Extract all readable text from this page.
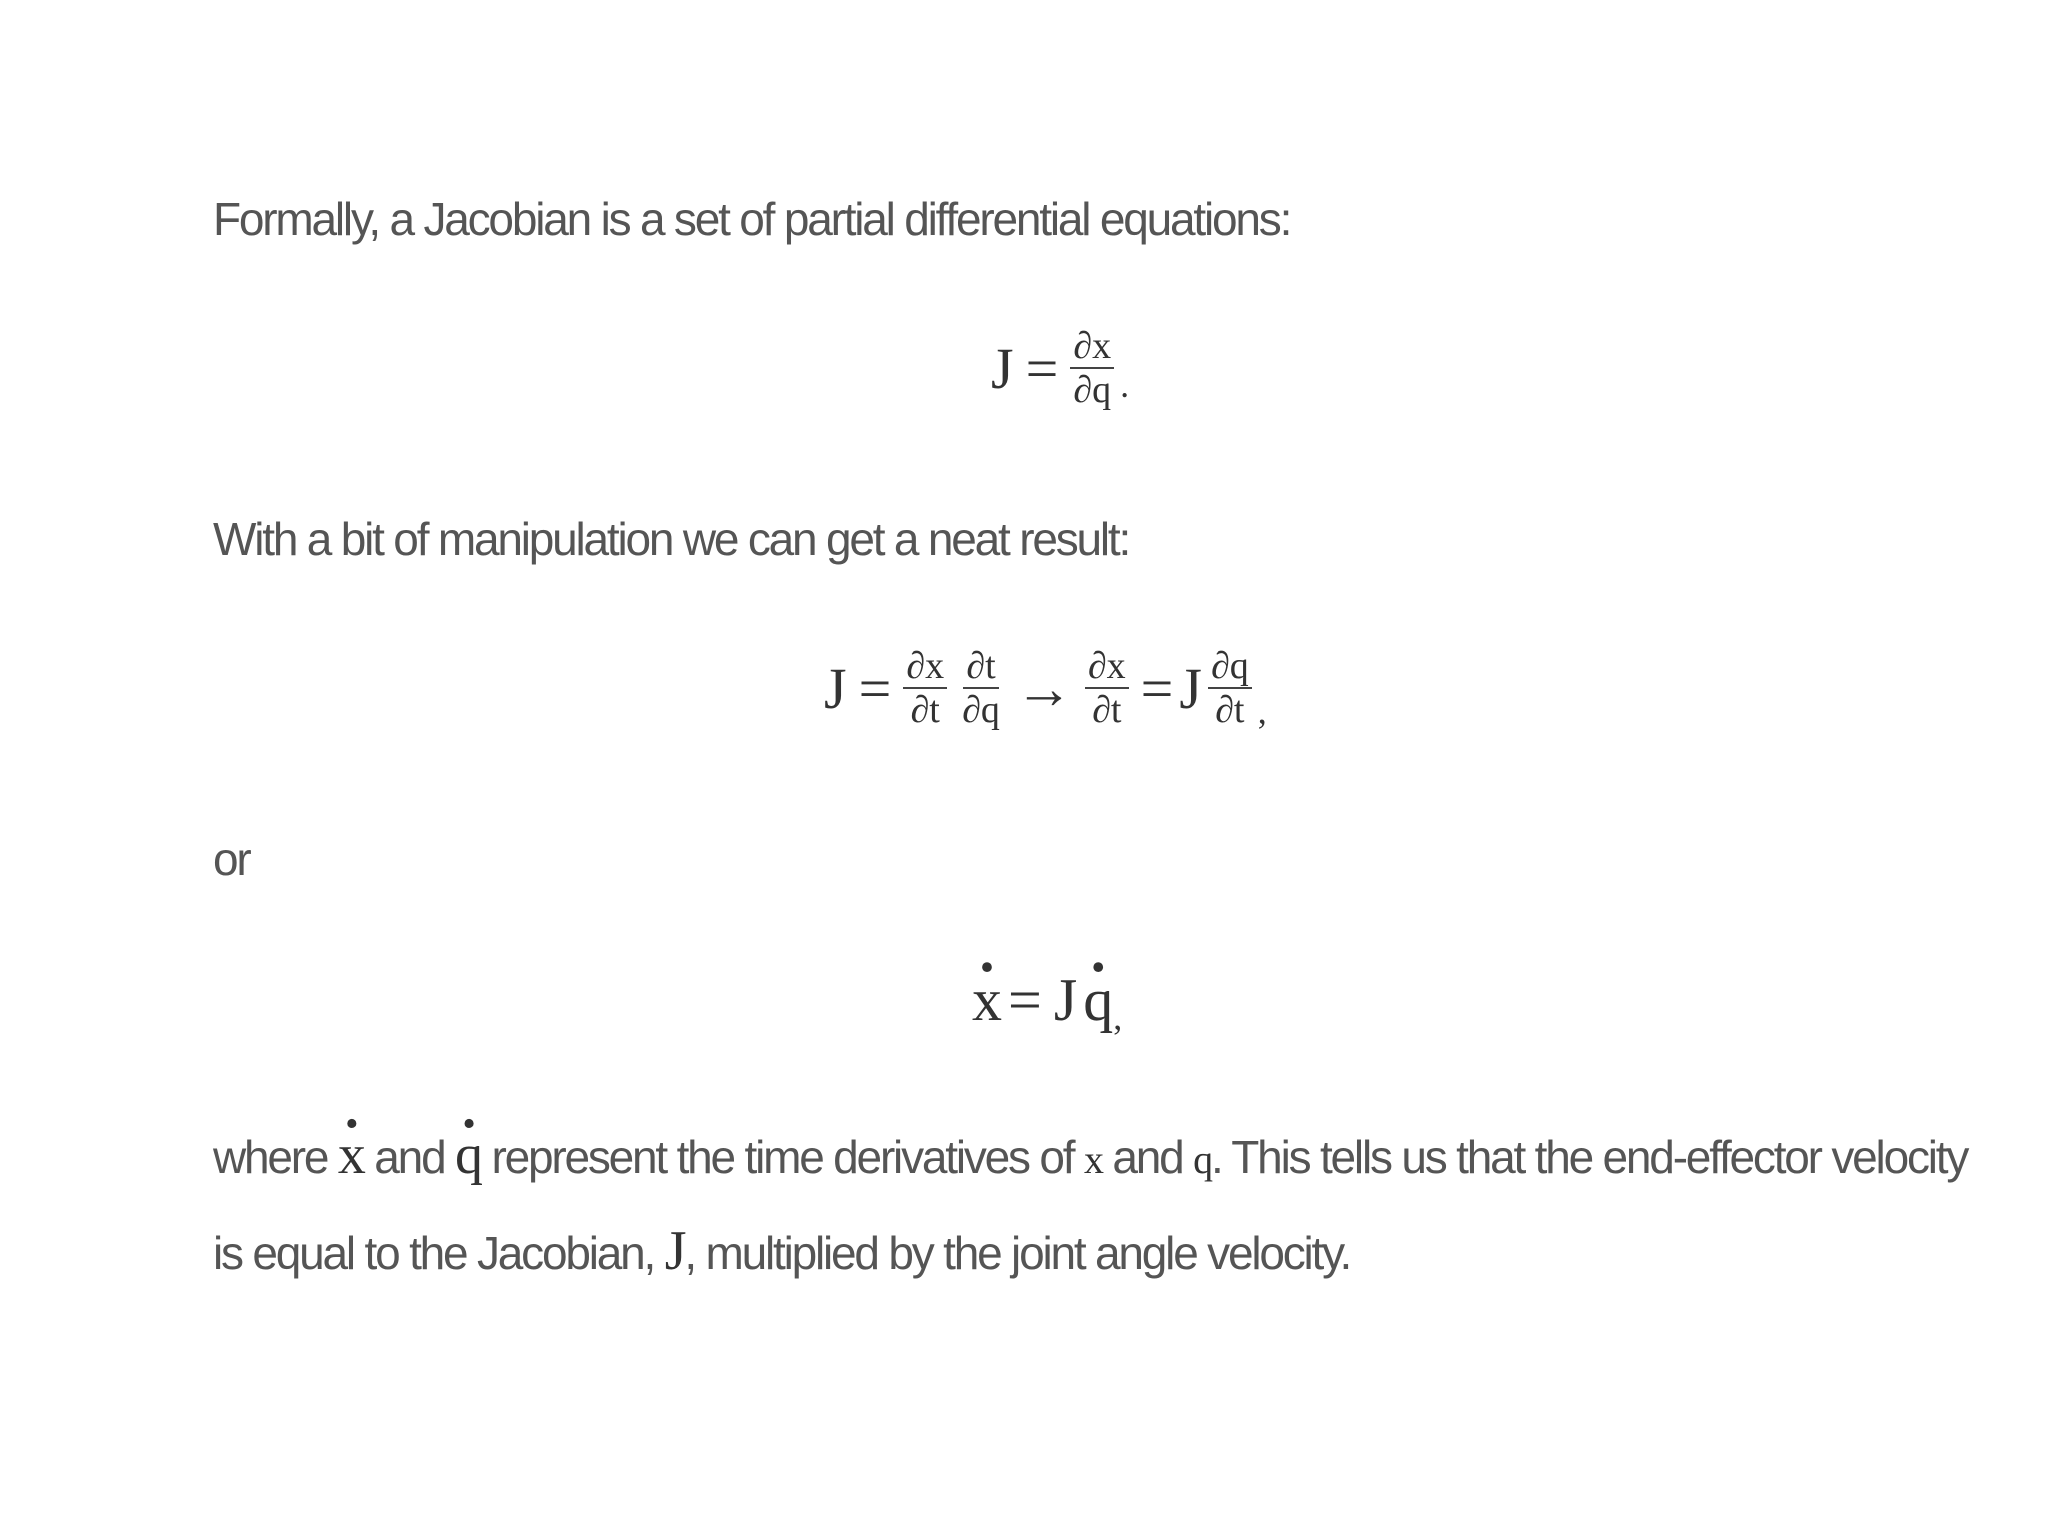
Formally, a Jacobian is a set of partial differential equations:
$J = \frac{\partial x}{\partial q}$ .
With a bit of manipulation we can get a neat result:
$J = \frac{\partial x}{\partial t} \frac{\partial t}{\partial q} \to \frac{\partial x}{\partial t} = J \frac{\partial q}{\partial t}$ ,
or
· x = J · q ,
where · x and · q represent the time derivatives of x and q. This tells us that the end-effector velocity
is equal to the Jacobian, J, multiplied by the joint angle velocity.
